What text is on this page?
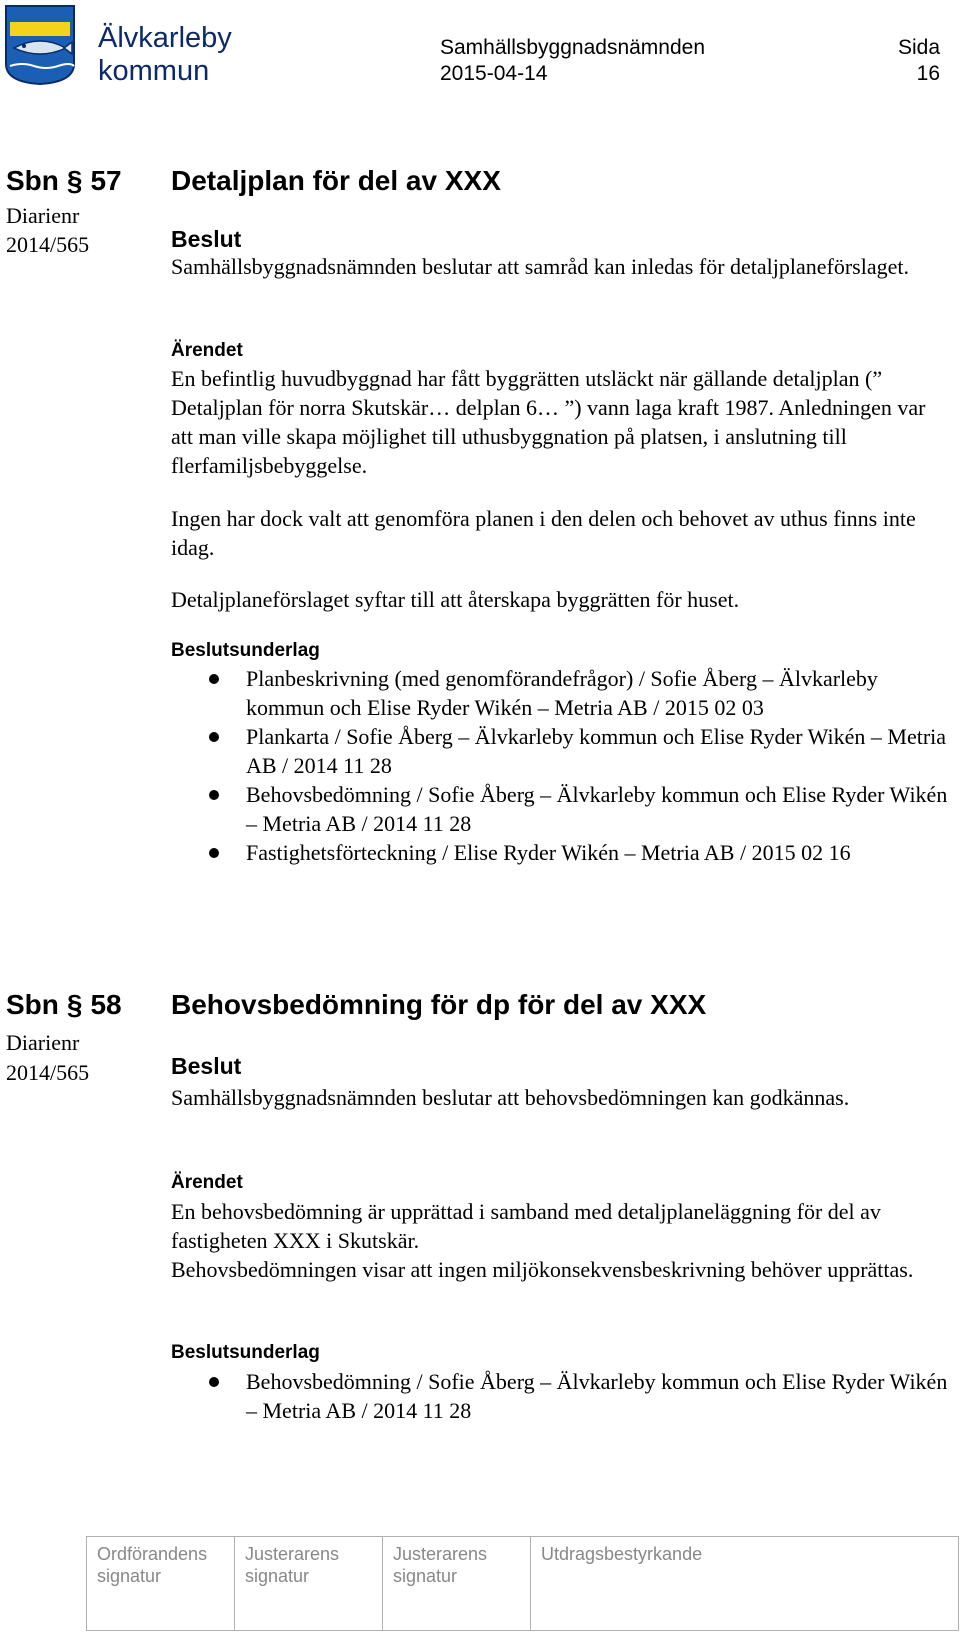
Älvkarleby
kommun
Samhällsbyggnadsnämnden
2015-04-14
Sida
16
Sbn § 57
Diarienr
2014/565
Detaljplan för del av XXX
Beslut

Samhällsbyggnadsnämnden beslutar att samråd kan inledas för detaljplaneförslaget.

Ärendet

En befintlig huvudbyggnad har fått byggrätten utsläckt när gällande detaljplan (” Detaljplan för norra Skutskär… delplan 6… ”) vann laga kraft 1987. Anledningen var att man ville skapa möjlighet till uthusbyggnation på platsen, i anslutning till flerfamiljsbebyggelse.

Ingen har dock valt att genomföra planen i den delen och behovet av uthus finns inte idag.

Detaljplaneförslaget syftar till att återskapa byggrätten för huset.

Beslutsunderlag
Planbeskrivning (med genomförandefrågor) / Sofie Åberg – Älvkarleby kommun och Elise Ryder Wikén – Metria AB / 2015 02 03
Plankarta / Sofie Åberg – Älvkarleby kommun och Elise Ryder Wikén – Metria AB / 2014 11 28
Behovsbedömning / Sofie Åberg – Älvkarleby kommun och Elise Ryder Wikén – Metria AB / 2014 11 28
Fastighetsförteckning / Elise Ryder Wikén – Metria AB / 2015 02 16
Sbn § 58
Diarienr
2014/565
Behovsbedömning för dp för del av XXX
Beslut

Samhällsbyggnadsnämnden beslutar att behovsbedömningen kan godkännas.

Ärendet

En behovsbedömning är upprättad i samband med detaljplaneläggning för del av fastigheten XXX i Skutskär.

Behovsbedömningen visar att ingen miljökonsekvensbeskrivning behöver upprättas.

Beslutsunderlag
Behovsbedömning / Sofie Åberg – Älvkarleby kommun och Elise Ryder Wikén – Metria AB / 2014 11 28
Ordförandens
signatur
Justerarens
signatur
Justerarens
signatur
Utdragsbestyrkande
